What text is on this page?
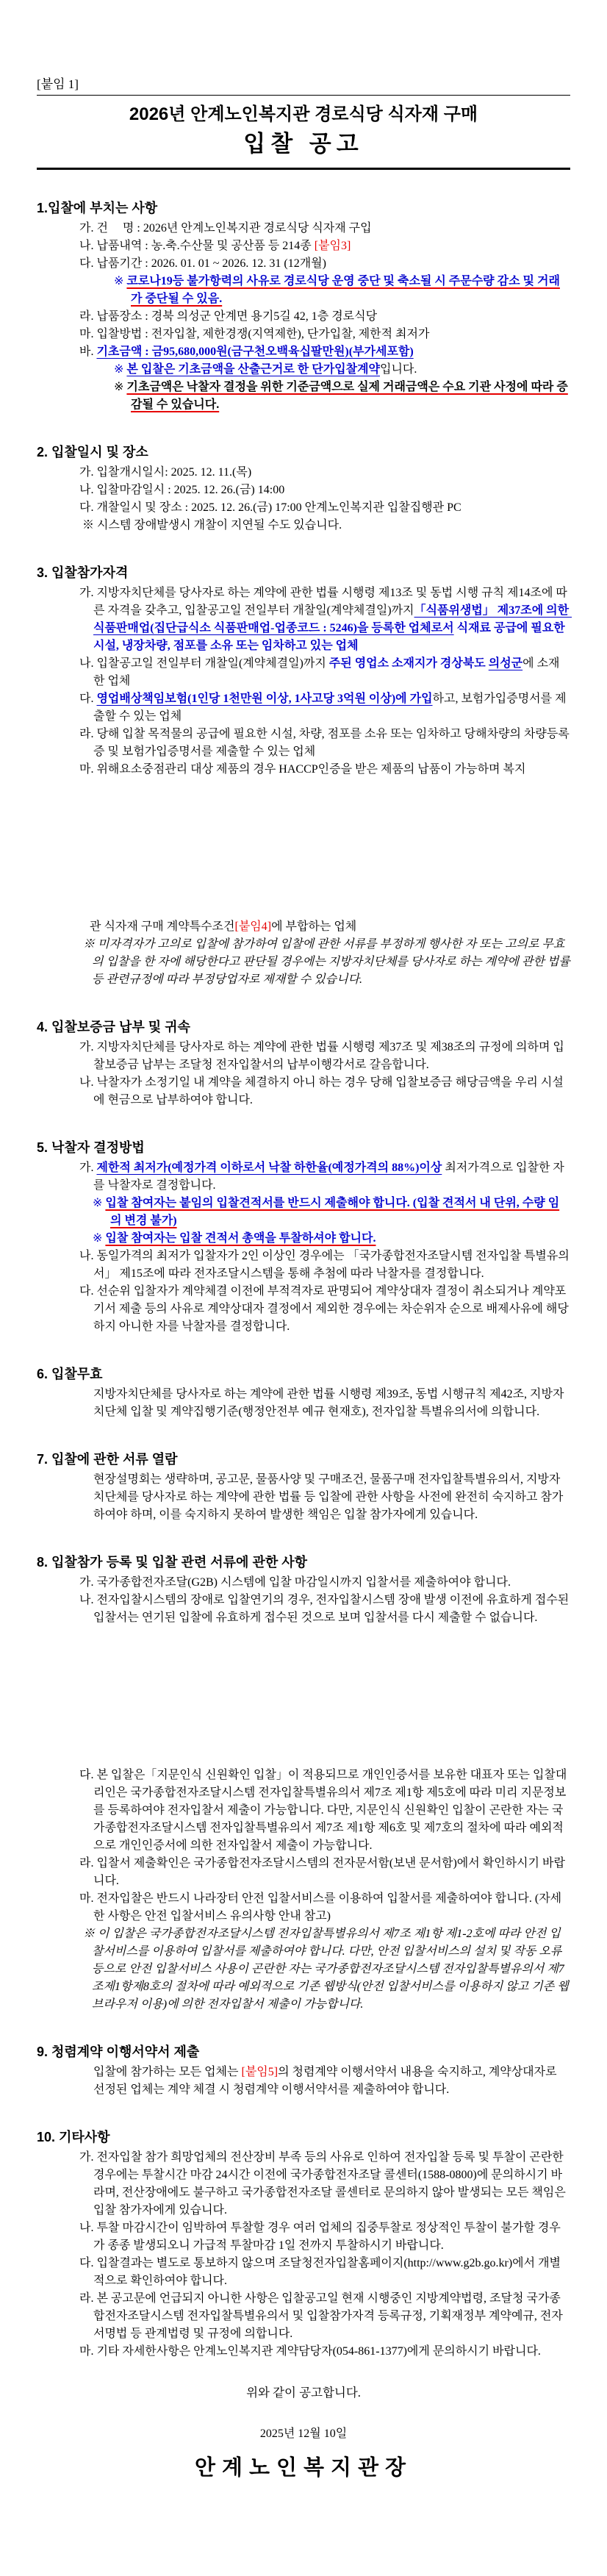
[붙임 1]
2026년 안계노인복지관 경로식당 식자재 구매
입찰 공고
1.입찰에 부치는 사항
가. 건     명 : 2026년 안계노인복지관 경로식당 식자재 구입
나. 납품내역 : 농.축.수산물 및 공산품 등 214종 [붙임3]
다. 납품기간 : 2026. 01. 01 ~ 2026. 12. 31 (12개월)
※ 코로나19등 불가항력의 사유로 경로식당 운영 중단 및 축소될 시 주문수량 감소 및 거래가 중단될 수 있음.
라. 납품장소 : 경북 의성군 안계면 용기5길 42, 1층 경로식당
마. 입찰방법 : 전자입찰, 제한경쟁(지역제한), 단가입찰, 제한적 최저가
바. 기초금액 : 금95,680,000원(금구천오백육십팔만원)(부가세포함)
※ 본 입찰은 기초금액을 산출근거로 한 단가입찰계약입니다.
※ 기초금액은 낙찰자 결정을 위한 기준금액으로 실제 거래금액은 수요 기관 사정에 따라 증감될 수 있습니다.
2. 입찰일시 및 장소
가. 입찰개시일시: 2025. 12. 11.(목)
나. 입찰마감일시 : 2025. 12. 26.(금) 14:00
다. 개찰일시 및 장소 : 2025. 12. 26.(금) 17:00 안계노인복지관 입찰집행관 PC
※ 시스템 장애발생시 개찰이 지연될 수도 있습니다.
3. 입찰참가자격
가. 지방자치단체를 당사자로 하는 계약에 관한 법률 시행령 제13조 및 동법 시행 규칙 제14조에 따른 자격을 갖추고, 입찰공고일 전일부터 개찰일(계약체결일)까지「식품위생법」 제37조에 의한 식품판매업(집단급식소 식품판매업-업종코드 : 5246)을 등록한 업체로서 식재료 공급에 필요한 시설, 냉장차량, 점포를 소유 또는 임차하고 있는 업체
나. 입찰공고일 전일부터 개찰일(계약체결일)까지 주된 영업소 소재지가 경상북도 의성군에 소재한 업체
다. 영업배상책임보험(1인당 1천만원 이상, 1사고당 3억원 이상)에 가입하고, 보험가입증명서를 제출할 수 있는 업체
라. 당해 입찰 목적물의 공급에 필요한 시설, 차량, 점포를 소유 또는 임차하고 당해차량의 차량등록증 및 보험가입증명서를 제출할 수 있는 업체
마. 위해요소중점관리 대상 제품의 경우 HACCP인증을 받은 제품의 납품이 가능하며 복지
관 식자재 구매 계약특수조건[붙임4]에 부합하는 업체
※ 미자격자가 고의로 입찰에 참가하여 입찰에 관한 서류를 부정하게 행사한 자 또는 고의로 무효의 입찰을 한 자에 해당한다고 판단될 경우에는 지방자치단체를 당사자로 하는 계약에 관한 법률 등 관련규정에 따라 부정당업자로 제재할 수 있습니다.
4. 입찰보증금 납부 및 귀속
가. 지방자치단체를 당사자로 하는 계약에 관한 법률 시행령 제37조 및 제38조의 규정에 의하며 입찰보증금 납부는 조달청 전자입찰서의 납부이행각서로 갈음합니다.
나. 낙찰자가 소정기일 내 계약을 체결하지 아니 하는 경우 당해 입찰보증금 해당금액을 우리 시설에 현금으로 납부하여야 합니다.
5. 낙찰자 결정방법
가. 제한적 최저가(예정가격 이하로서 낙찰 하한율(예정가격의 88%)이상 최저가격으로 입찰한 자를 낙찰자로 결정합니다.
※ 입찰 참여자는 붙임의 입찰견적서를 반드시 제출해야 합니다. (입찰 견적서 내 단위, 수량 임의 변경 불가)
※ 입찰 참여자는 입찰 견적서 총액을 투찰하셔야 합니다.
나. 동일가격의 최저가 입찰자가 2인 이상인 경우에는 「국가종합전자조달시템 전자입찰 특별유의서」 제15조에 따라 전자조달시스템을 통해 추첨에 따라 낙찰자를 결정합니다.
다. 선순위 입찰자가 계약체결 이전에 부적격자로 판명되어 계약상대자 결정이 취소되거나 계약포기서 제출 등의 사유로 계약상대자 결정에서 제외한 경우에는 차순위자 순으로 배제사유에 해당하지 아니한 자를 낙찰자를 결정합니다.
6. 입찰무효
지방자치단체를 당사자로 하는 계약에 관한 법률 시행령 제39조, 동법 시행규칙 제42조, 지방자치단체 입찰 및 계약집행기준(행정안전부 예규 현재호), 전자입찰 특별유의서에 의합니다.
7. 입찰에 관한 서류 열람
현장설명회는 생략하며, 공고문, 물품사양 및 구매조건, 물품구매 전자입찰특별유의서, 지방자치단체를 당사자로 하는 계약에 관한 법률 등 입찰에 관한 사항을 사전에 완전히 숙지하고 참가하여야 하며, 이를 숙지하지 못하여 발생한 책임은 입찰 참가자에게 있습니다.
8. 입찰참가 등록 및 입찰 관련 서류에 관한 사항
가. 국가종합전자조달(G2B) 시스템에 입찰 마감일시까지 입찰서를 제출하여야 합니다.
나. 전자입찰시스템의 장애로 입찰연기의 경우, 전자입찰시스템 장애 발생 이전에 유효하게 접수된 입찰서는 연기된 입찰에 유효하게 접수된 것으로 보며 입찰서를 다시 제출할 수 없습니다.
다. 본 입찰은「지문인식 신원확인 입찰」이 적용되므로 개인인증서를 보유한 대표자 또는 입찰대리인은 국가종합전자조달시스템 전자입찰특별유의서 제7조 제1항 제5호에 따라 미리 지문정보를 등록하여야 전자입찰서 제출이 가능합니다. 다만, 지문인식 신원확인 입찰이 곤란한 자는 국가종합전자조달시스템 전자입찰특별유의서 제7조 제1항 제6호 및 제7호의 절차에 따라 예외적으로 개인인증서에 의한 전자입찰서 제출이 가능합니다.
라. 입찰서 제출확인은 국가종합전자조달시스템의 전자문서함(보낸 문서함)에서 확인하시기 바랍니다.
마. 전자입찰은 반드시 나라장터 안전 입찰서비스를 이용하여 입찰서를 제출하여야 합니다. (자세한 사항은 안전 입찰서비스 유의사항 안내 참고)
※ 이 입찰은 국가종합전자조달시스템 전자입찰특별유의서 제7조 제1항 제1-2호에 따라 안전 입찰서비스를 이용하여 입찰서를 제출하여야 합니다. 다만, 안전 입찰서비스의 설치 및 작동 오류 등으로 안전 입찰서비스 사용이 곤란한 자는 국가종합전자조달시스템 전자입찰특별유의서 제7조제1항제8호의 절차에 따라 예외적으로 기존 웹방식(안전 입찰서비스를 이용하지 않고 기존 웹브라우저 이용)에 의한 전자입찰서 제출이 가능합니다.
9. 청렴계약 이행서약서 제출
입찰에 참가하는 모든 업체는 [붙임5]의 청렴계약 이행서약서 내용을 숙지하고, 계약상대자로 선정된 업체는 계약 체결 시 청렴계약 이행서약서를 제출하여야 합니다.
10. 기타사항
가. 전자입찰 참가 희망업체의 전산장비 부족 등의 사유로 인하여 전자입찰 등록 및 투찰이 곤란한 경우에는 투찰시간 마감 24시간 이전에 국가종합전자조달 콜센터(1588-0800)에 문의하시기 바라며, 전산장애에도 불구하고 국가종합전자조달 콜센터로 문의하지 않아 발생되는 모든 책임은 입찰 참가자에게 있습니다.
나. 투찰 마감시간이 임박하여 투찰할 경우 여러 업체의 집중투찰로 정상적인 투찰이 불가할 경우가 종종 발생되오니 가급적 투찰마감 1일 전까지 투찰하시기 바랍니다.
다. 입찰결과는 별도로 통보하지 않으며 조달청전자입찰홈페이지(http://www.g2b.go.kr)에서 개별적으로 확인하여야 합니다.
라. 본 공고문에 언급되지 아니한 사항은 입찰공고일 현재 시행중인 지방계약법령, 조달청 국가종합전자조달시스템 전자입찰특별유의서 및 입찰참가자격 등록규정, 기획재정부 계약예규, 전자서명법 등 관계법령 및 규정에 의합니다.
마. 기타 자세한사항은 안계노인복지관 계약담당자(054-861-1377)에게 문의하시기 바랍니다.
위와 같이 공고합니다.
2025년 12월 10일
안계노인복지관장
